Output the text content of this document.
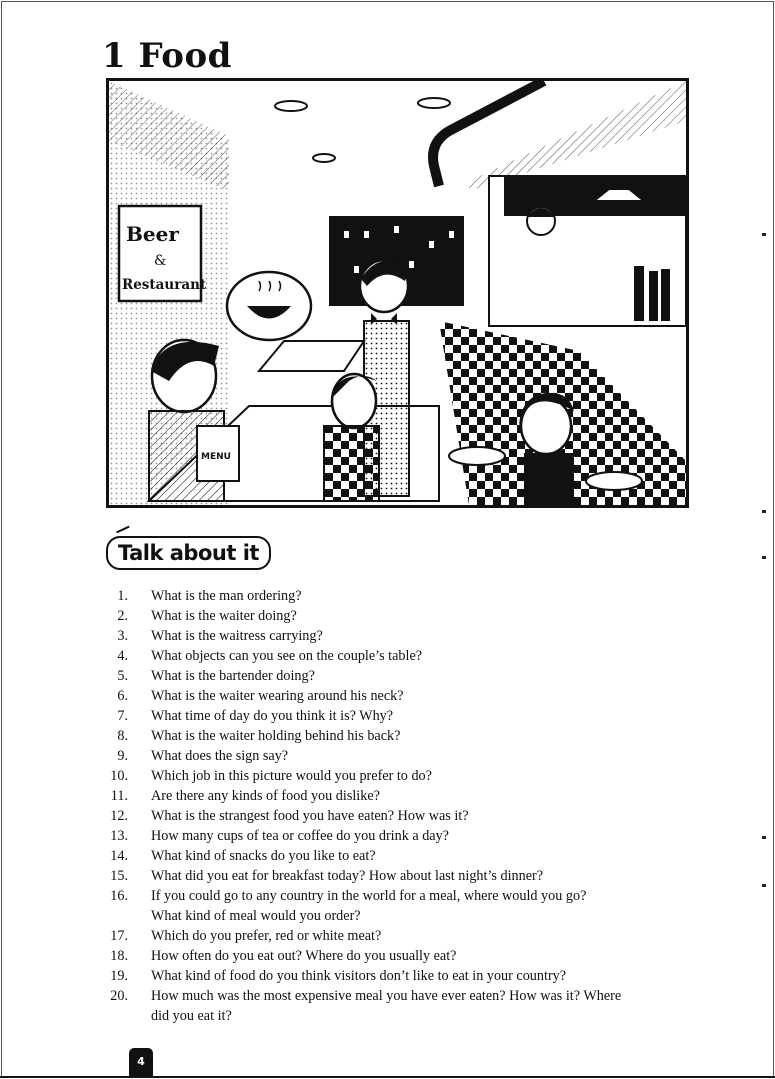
1 Food
Beer
&
Restaurant
MENU
Talk about it
1. What is the man ordering?
2. What is the waiter doing?
3. What is the waitress carrying?
4. What objects can you see on the couple’s table?
5. What is the bartender doing?
6. What is the waiter wearing around his neck?
7. What time of day do you think it is? Why?
8. What is the waiter holding behind his back?
9. What does the sign say?
10. Which job in this picture would you prefer to do?
11. Are there any kinds of food you dislike?
12. What is the strangest food you have eaten? How was it?
13. How many cups of tea or coffee do you drink a day?
14. What kind of snacks do you like to eat?
15. What did you eat for breakfast today? How about last night’s dinner?
16. If you could go to any country in the world for a meal, where would you go?
What kind of meal would you order?
17. Which do you prefer, red or white meat?
18. How often do you eat out? Where do you usually eat?
19. What kind of food do you think visitors don’t like to eat in your country?
20. How much was the most expensive meal you have ever eaten? How was it? Where
did you eat it?
4
